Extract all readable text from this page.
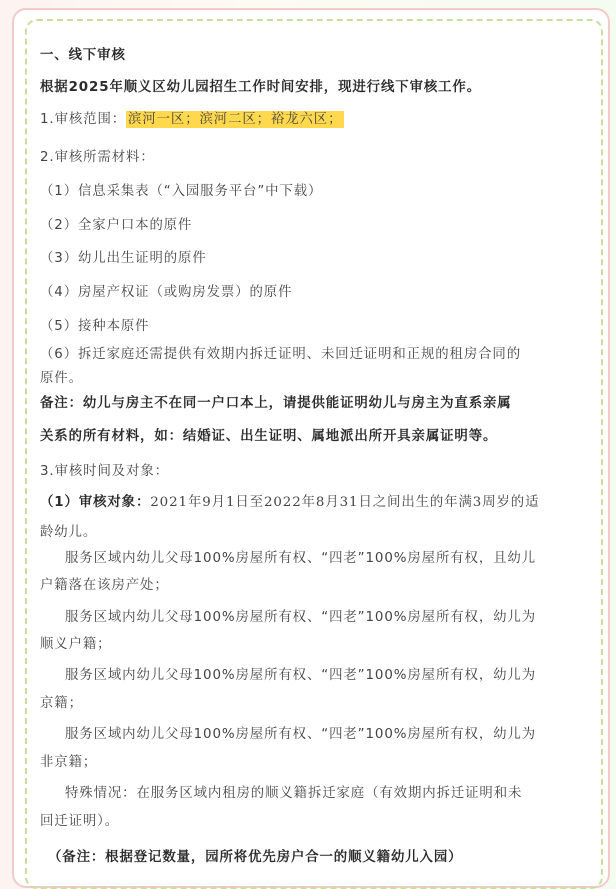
一、线下审核
根据2025年顺义区幼儿园招生工作时间安排，现进行线下审核工作。
1.审核范围： 滨河一区；滨河二区；裕龙六区；
2.审核所需材料：
（1）信息采集表（“入园服务平台”中下载）
（2）全家户口本的原件
（3）幼儿出生证明的原件
（4）房屋产权证（或购房发票）的原件
（5）接种本原件
（6）拆迁家庭还需提供有效期内拆迁证明、未回迁证明和正规的租房合同的
原件。
备注：幼儿与房主不在同一户口本上，请提供能证明幼儿与房主为直系亲属
关系的所有材料，如：结婚证、出生证明、属地派出所开具亲属证明等。
3.审核时间及对象：
（1）审核对象：2021年9月1日至2022年8月31日之间出生的年满3周岁的适
龄幼儿。
服务区域内幼儿父母100%房屋所有权、“四老”100%房屋所有权，且幼儿
户籍落在该房产处；
服务区域内幼儿父母100%房屋所有权、“四老”100%房屋所有权，幼儿为
顺义户籍；
服务区域内幼儿父母100%房屋所有权、“四老”100%房屋所有权，幼儿为
京籍；
服务区域内幼儿父母100%房屋所有权、“四老”100%房屋所有权，幼儿为
非京籍；
特殊情况：在服务区域内租房的顺义籍拆迁家庭（有效期内拆迁证明和未
回迁证明）。
（备注：根据登记数量，园所将优先房户合一的顺义籍幼儿入园）
